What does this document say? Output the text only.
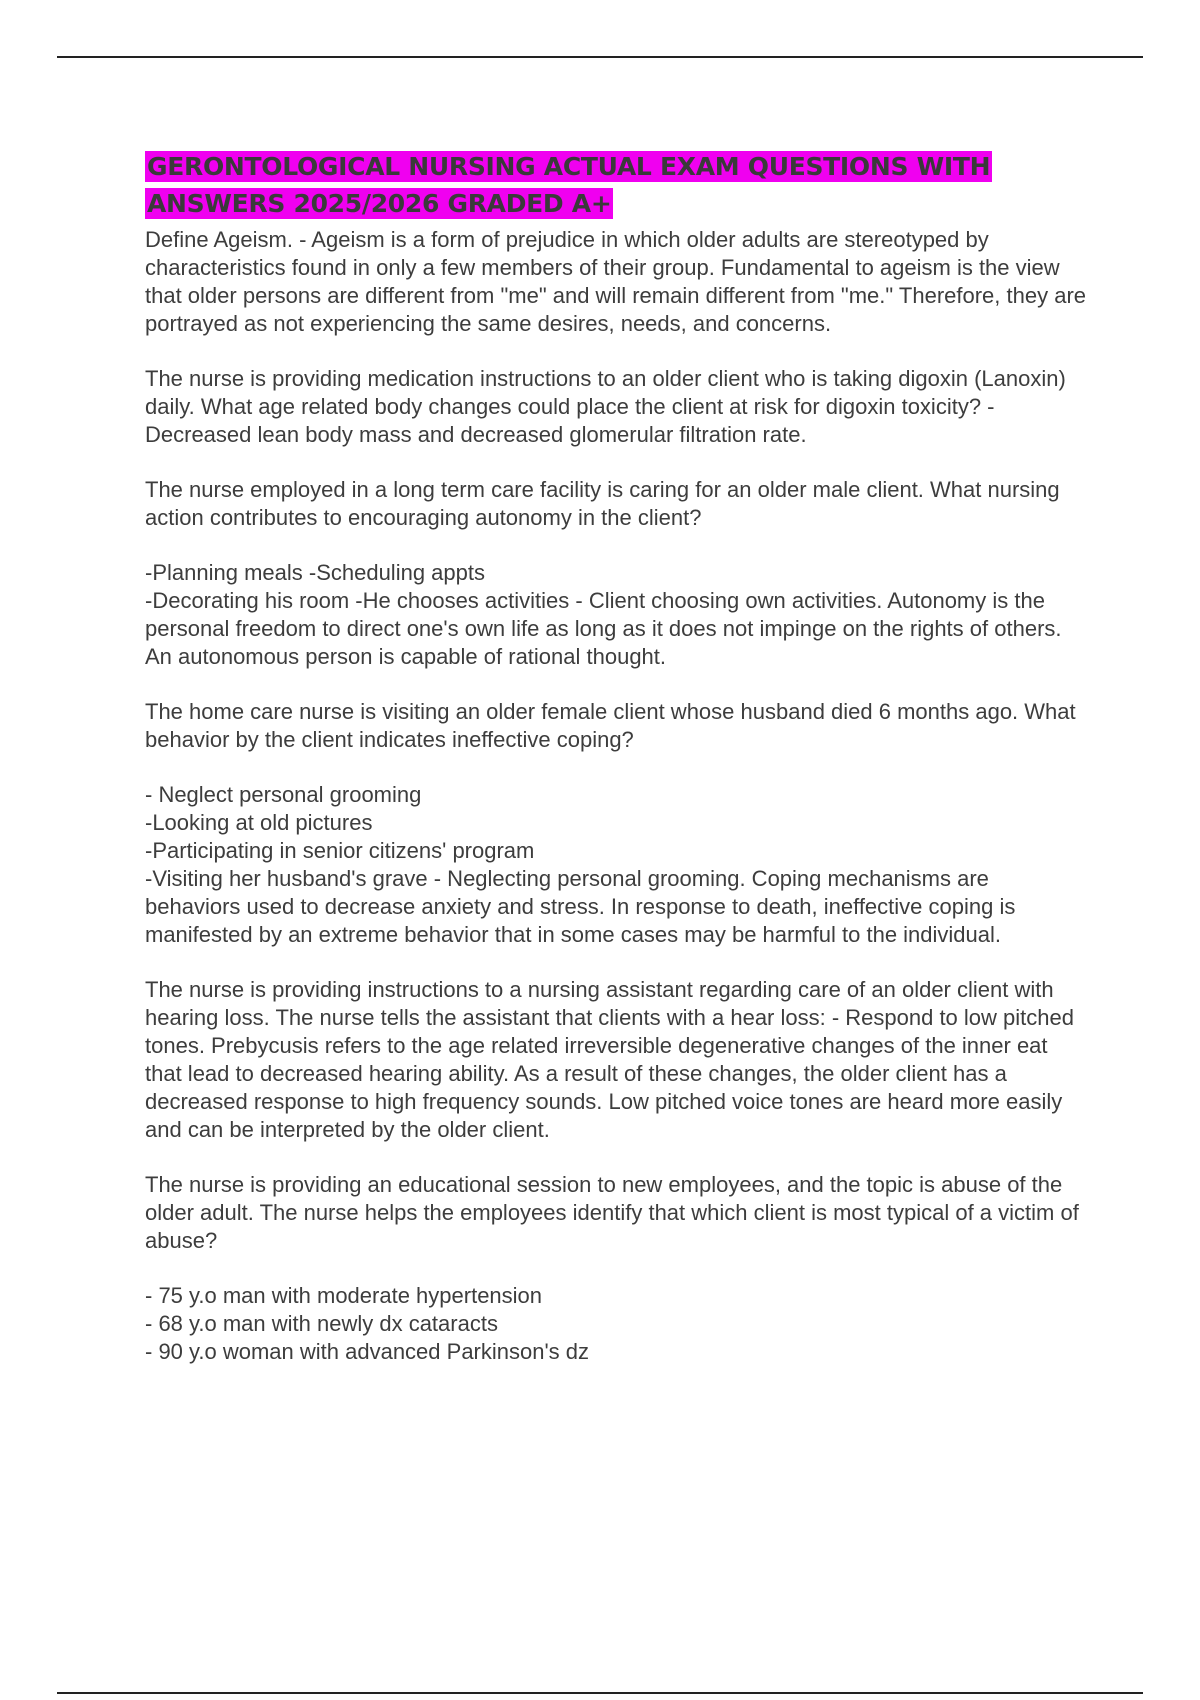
GERONTOLOGICAL NURSING ACTUAL EXAM QUESTIONS WITH ANSWERS 2025/2026 GRADED A+

Define Ageism. - Ageism is a form of prejudice in which older adults are stereotyped by characteristics found in only a few members of their group. Fundamental to ageism is the view that older persons are different from "me" and will remain different from "me." Therefore, they are portrayed as not experiencing the same desires, needs, and concerns.

The nurse is providing medication instructions to an older client who is taking digoxin (Lanoxin) daily. What age related body changes could place the client at risk for digoxin toxicity? - Decreased lean body mass and decreased glomerular filtration rate.

The nurse employed in a long term care facility is caring for an older male client. What nursing action contributes to encouraging autonomy in the client?

-Planning meals -Scheduling appts
-Decorating his room -He chooses activities - Client choosing own activities. Autonomy is the personal freedom to direct one's own life as long as it does not impinge on the rights of others. An autonomous person is capable of rational thought.

The home care nurse is visiting an older female client whose husband died 6 months ago. What behavior by the client indicates ineffective coping?

- Neglect personal grooming
-Looking at old pictures
-Participating in senior citizens' program
-Visiting her husband's grave - Neglecting personal grooming. Coping mechanisms are behaviors used to decrease anxiety and stress. In response to death, ineffective coping is manifested by an extreme behavior that in some cases may be harmful to the individual.

The nurse is providing instructions to a nursing assistant regarding care of an older client with hearing loss. The nurse tells the assistant that clients with a hear loss: - Respond to low pitched tones. Prebycusis refers to the age related irreversible degenerative changes of the inner eat that lead to decreased hearing ability. As a result of these changes, the older client has a decreased response to high frequency sounds. Low pitched voice tones are heard more easily and can be interpreted by the older client.

The nurse is providing an educational session to new employees, and the topic is abuse of the older adult. The nurse helps the employees identify that which client is most typical of a victim of abuse?

- 75 y.o man with moderate hypertension
- 68 y.o man with newly dx cataracts
- 90 y.o woman with advanced Parkinson's dz
